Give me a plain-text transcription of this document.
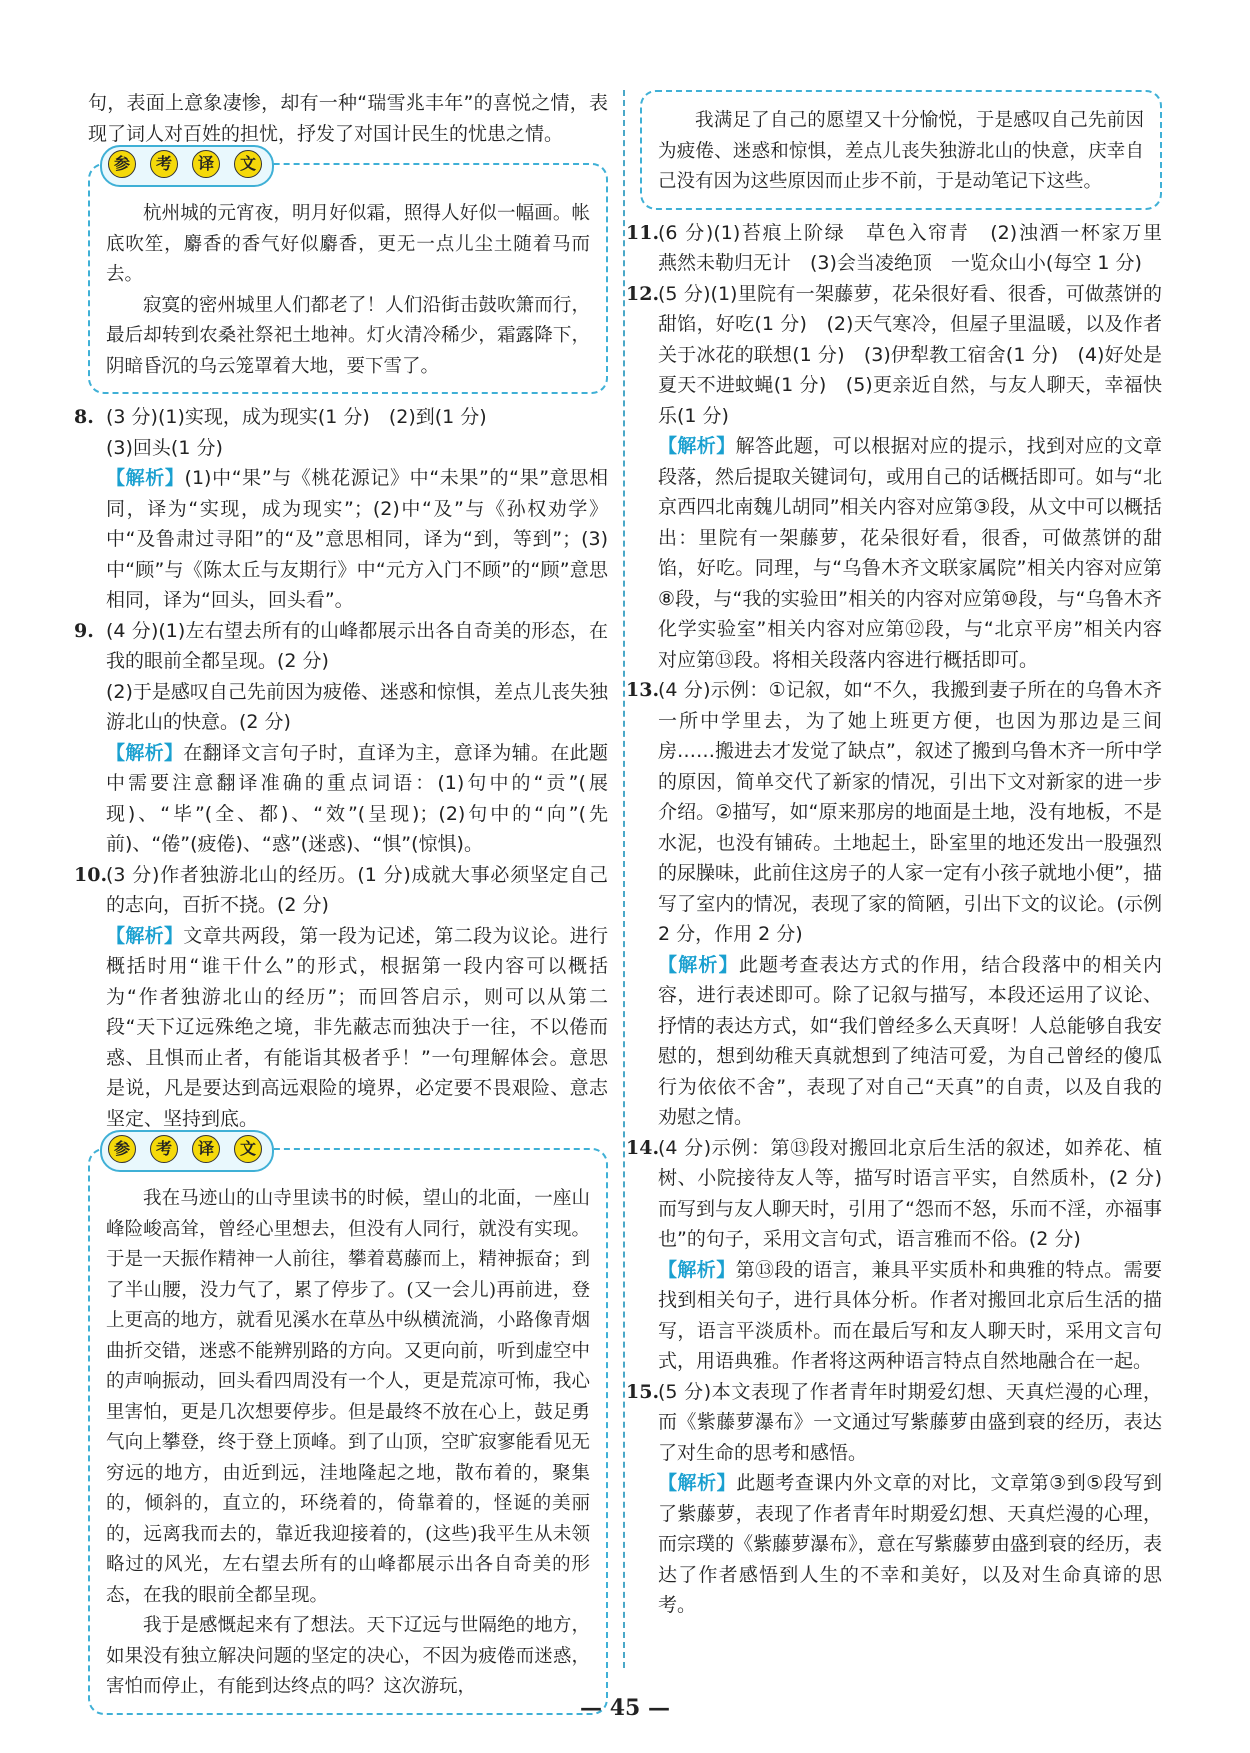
句，表面上意象凄惨，却有一种“瑞雪兆丰年”的喜悦之情，表现了词人对百姓的担忧，抒发了对国计民生的忧患之情。

参	考	译	文

杭州城的元宵夜，明月好似霜，照得人好似一幅画。帐底吹笙，麝香的香气好似麝香，更无一点儿尘土随着马而去。

寂寞的密州城里人们都老了！人们沿街击鼓吹箫而行，最后却转到农桑社祭祀土地神。灯火清冷稀少，霜露降下，阴暗昏沉的乌云笼罩着大地，要下雪了。

8. (3 分)(1)实现，成为现实(1 分)　(2)到(1 分)

(3)回头(1 分)

【解析】(1)中“果”与《桃花源记》中“未果”的“果”意思相同，译为“实现，成为现实”；(2)中“及”与《孙权劝学》中“及鲁肃过寻阳”的“及”意思相同，译为“到，等到”；(3)中“顾”与《陈太丘与友期行》中“元方入门不顾”的“顾”意思相同，译为“回头，回头看”。

9. (4 分)(1)左右望去所有的山峰都展示出各自奇美的形态，在我的眼前全都呈现。(2 分)

(2)于是感叹自己先前因为疲倦、迷惑和惊惧，差点儿丧失独游北山的快意。(2 分)

【解析】在翻译文言句子时，直译为主，意译为辅。在此题中需要注意翻译准确的重点词语：(1)句中的“贡”(展现)、“毕”(全、都)、“效”(呈现)；(2)句中的“向”(先前)、“倦”(疲倦)、“惑”(迷惑)、“惧”(惊惧)。

10.

(3 分)作者独游北山的经历。(1 分)成就大事必须坚定自己的志向，百折不挠。(2 分)

【解析】文章共两段，第一段为记述，第二段为议论。进行概括时用“谁干什么”的形式，根据第一段内容可以概括为“作者独游北山的经历”；而回答启示，则可以从第二段“天下辽远殊绝之境，非先蔽志而独决于一往，不以倦而惑、且惧而止者，有能诣其极者乎！”一句理解体会。意思是说，凡是要达到高远艰险的境界，必定要不畏艰险、意志坚定、坚持到底。

参	考	译	文

我在马迹山的山寺里读书的时候，望山的北面，一座山峰险峻高耸，曾经心里想去，但没有人同行，就没有实现。于是一天振作精神一人前往，攀着葛藤而上，精神振奋；到了半山腰，没力气了，累了停步了。(又一会儿)再前进，登上更高的地方，就看见溪水在草丛中纵横流淌，小路像青烟曲折交错，迷惑不能辨别路的方向。又更向前，听到虚空中的声响振动，回头看四周没有一个人，更是荒凉可怖，我心里害怕，更是几次想要停步。但是最终不放在心上，鼓足勇气向上攀登，终于登上顶峰。到了山顶，空旷寂寥能看见无穷远的地方，由近到远，洼地隆起之地，散布着的，聚集的，倾斜的，直立的，环绕着的，倚靠着的，怪诞的美丽的，远离我而去的，靠近我迎接着的，(这些)我平生从未领略过的风光，左右望去所有的山峰都展示出各自奇美的形态，在我的眼前全都呈现。

我于是感慨起来有了想法。天下辽远与世隔绝的地方，如果没有独立解决问题的坚定的决心，不因为疲倦而迷惑，害怕而停止，有能到达终点的吗？这次游玩，

我满足了自己的愿望又十分愉悦，于是感叹自己先前因为疲倦、迷惑和惊惧，差点儿丧失独游北山的快意，庆幸自己没有因为这些原因而止步不前，于是动笔记下这些。

11.

(6 分)(1)苔痕上阶绿　草色入帘青　(2)浊酒一杯家万里　燕然未勒归无计　(3)会当凌绝顶　一览众山小(每空 1 分)

12.

(5 分)(1)里院有一架藤萝，花朵很好看、很香，可做蒸饼的甜馅，好吃(1 分)　(2)天气寒冷，但屋子里温暖，以及作者关于冰花的联想(1 分)　(3)伊犁教工宿舍(1 分)　(4)好处是夏天不进蚊蝇(1 分)　(5)更亲近自然，与友人聊天，幸福快乐(1 分)

【解析】解答此题，可以根据对应的提示，找到对应的文章段落，然后提取关键词句，或用自己的话概括即可。如与“北京西四北南魏儿胡同”相关内容对应第③段，从文中可以概括出：里院有一架藤萝，花朵很好看，很香，可做蒸饼的甜馅，好吃。同理，与“乌鲁木齐文联家属院”相关内容对应第⑧段，与“我的实验田”相关的内容对应第⑩段，与“乌鲁木齐化学实验室”相关内容对应第⑫段，与“北京平房”相关内容对应第⑬段。将相关段落内容进行概括即可。

13.

(4 分)示例：①记叙，如“不久，我搬到妻子所在的乌鲁木齐一所中学里去，为了她上班更方便，也因为那边是三间房……搬进去才发觉了缺点”，叙述了搬到乌鲁木齐一所中学的原因，简单交代了新家的情况，引出下文对新家的进一步介绍。②描写，如“原来那房的地面是土地，没有地板，不是水泥，也没有铺砖。土地起土，卧室里的地还发出一股强烈的尿臊味，此前住这房子的人家一定有小孩子就地小便”，描写了室内的情况，表现了家的简陋，引出下文的议论。(示例 2 分，作用 2 分)

【解析】此题考查表达方式的作用，结合段落中的相关内容，进行表述即可。除了记叙与描写，本段还运用了议论、抒情的表达方式，如“我们曾经多么天真呀！人总能够自我安慰的，想到幼稚天真就想到了纯洁可爱，为自己曾经的傻瓜行为依依不舍”，表现了对自己“天真”的自责，以及自我的劝慰之情。

14.

(4 分)示例：第⑬段对搬回北京后生活的叙述，如养花、植树、小院接待友人等，描写时语言平实，自然质朴，(2 分)而写到与友人聊天时，引用了“怨而不怒，乐而不淫，亦福事也”的句子，采用文言句式，语言雅而不俗。(2 分)

【解析】第⑬段的语言，兼具平实质朴和典雅的特点。需要找到相关句子，进行具体分析。作者对搬回北京后生活的描写，语言平淡质朴。而在最后写和友人聊天时，采用文言句式，用语典雅。作者将这两种语言特点自然地融合在一起。

15.

(5 分)本文表现了作者青年时期爱幻想、天真烂漫的心理，而《紫藤萝瀑布》一文通过写紫藤萝由盛到衰的经历，表达了对生命的思考和感悟。

【解析】此题考查课内外文章的对比，文章第③到⑤段写到了紫藤萝，表现了作者青年时期爱幻想、天真烂漫的心理，而宗璞的《紫藤萝瀑布》，意在写紫藤萝由盛到衰的经历，表达了作者感悟到人生的不幸和美好，以及对生命真谛的思考。

— 45 —
